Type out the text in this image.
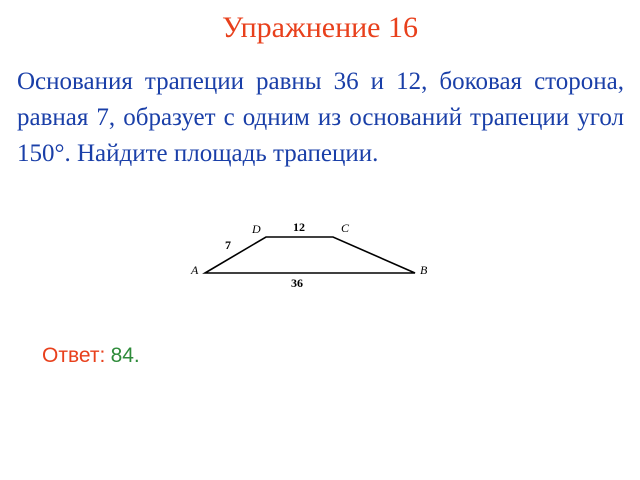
Упражнение 16
Основания трапеции равны 36 и 12, боковая сторона, равная 7, образует с одним из оснований трапеции угол 150°. Найдите площадь трапеции.
D	C
A	B
12
7
36
Ответ: 84.
